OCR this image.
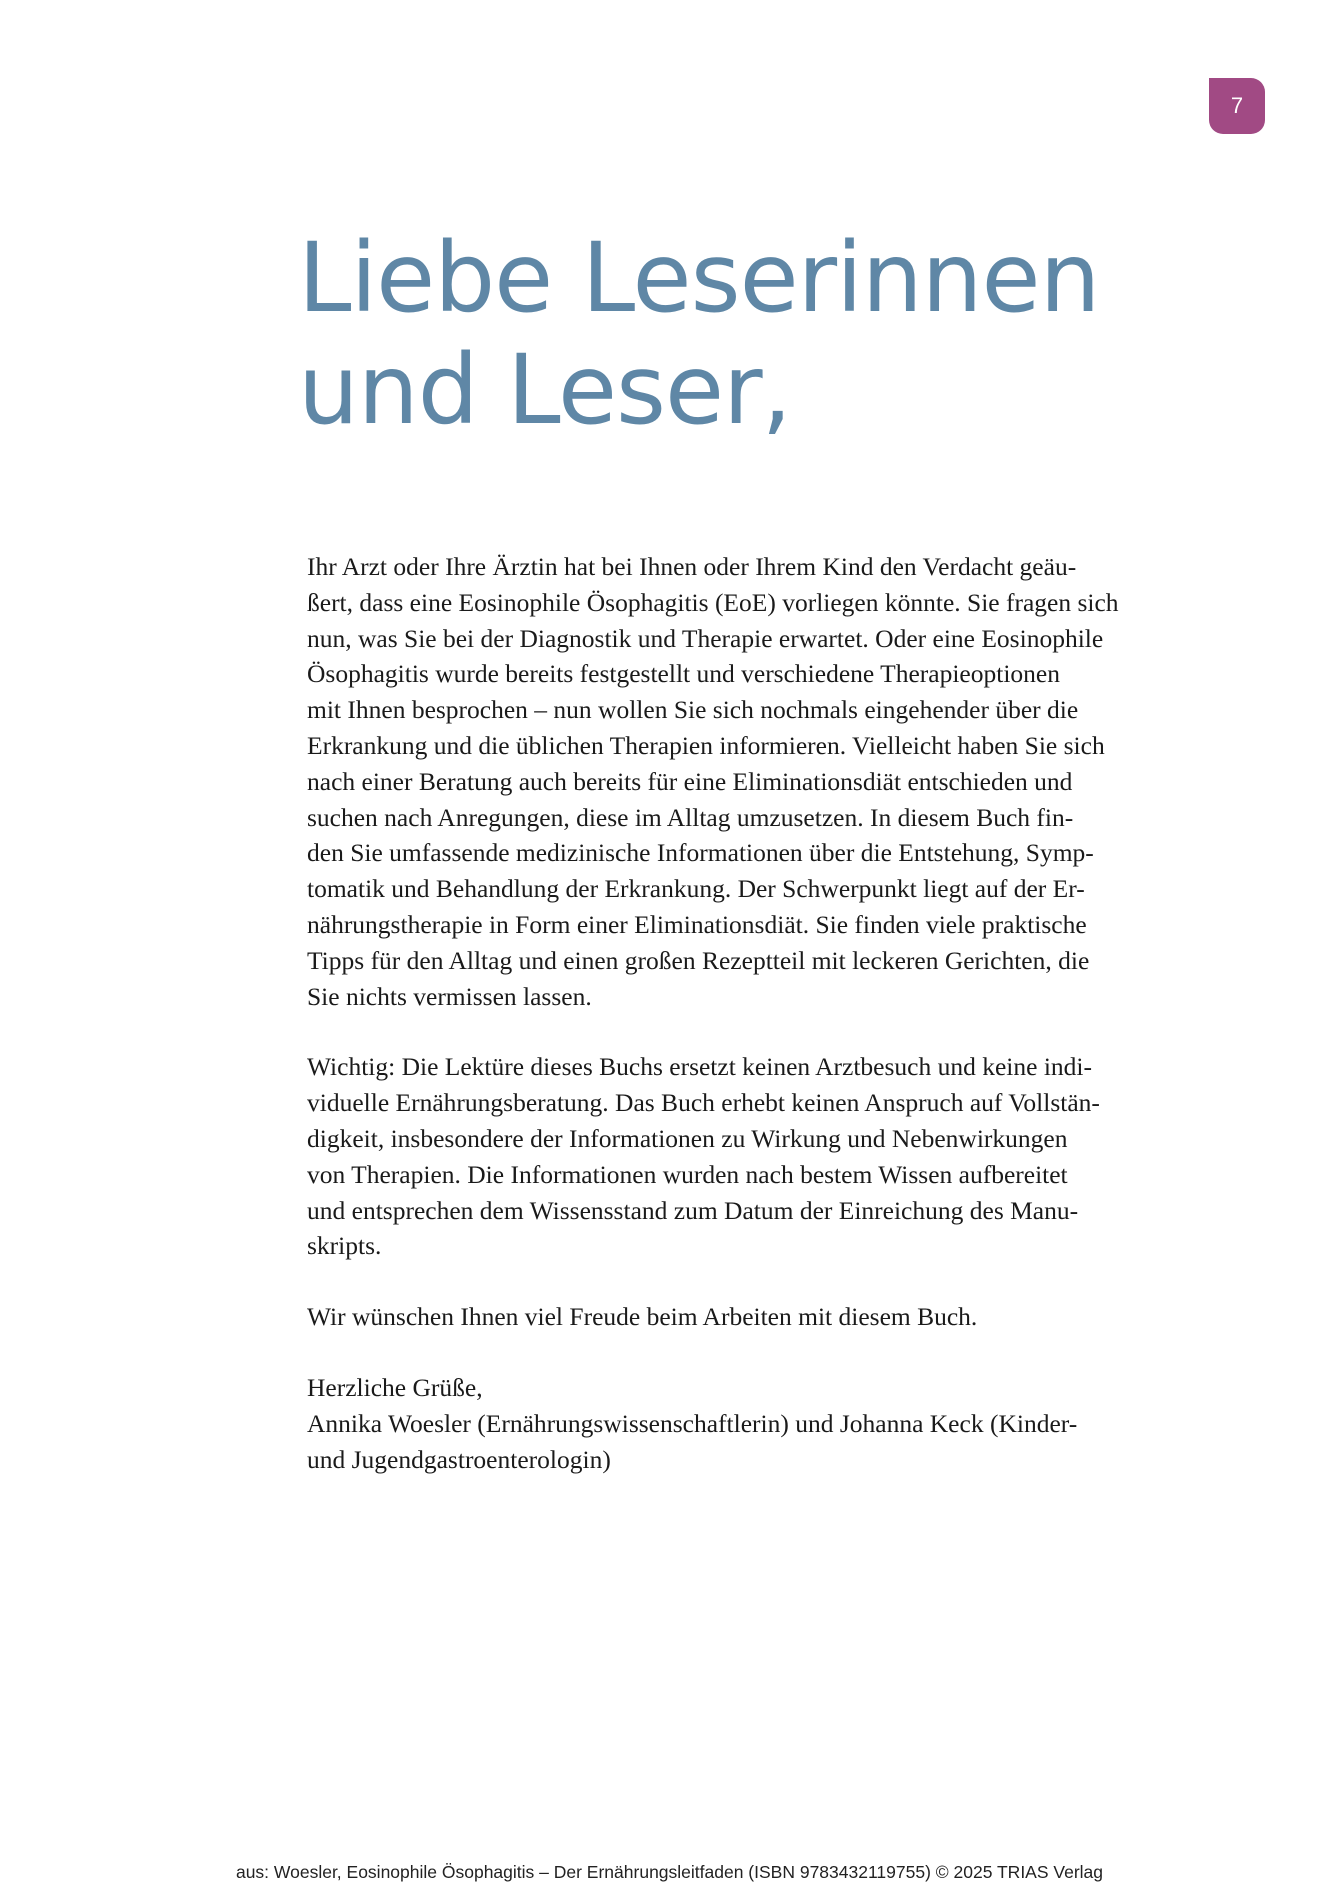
7
Liebe Leserinnen
und Leser,

Ihr Arzt oder Ihre Ärztin hat bei Ihnen oder Ihrem Kind den Verdacht geäu-
ßert, dass eine Eosinophile Ösophagitis (EoE) vorliegen könnte. Sie fragen sich
nun, was Sie bei der Diagnostik und Therapie erwartet. Oder eine Eosinophile
Ösophagitis wurde bereits festgestellt und verschiedene Therapieoptionen
mit Ihnen besprochen – nun wollen Sie sich nochmals eingehender über die
Erkrankung und die üblichen Therapien informieren. Vielleicht haben Sie sich
nach einer Beratung auch bereits für eine Eliminationsdiät entschieden und
suchen nach Anregungen, diese im Alltag umzusetzen. In diesem Buch fin-
den Sie umfassende medizinische Informationen über die Entstehung, Symp-
tomatik und Behandlung der Erkrankung. Der Schwerpunkt liegt auf der Er-
nährungstherapie in Form einer Eliminationsdiät. Sie finden viele praktische
Tipps für den Alltag und einen großen Rezeptteil mit leckeren Gerichten, die
Sie nichts vermissen lassen.

Wichtig: Die Lektüre dieses Buchs ersetzt keinen Arztbesuch und keine indi-
viduelle Ernährungsberatung. Das Buch erhebt keinen Anspruch auf Vollstän-
digkeit, insbesondere der Informationen zu Wirkung und Nebenwirkungen
von Therapien. Die Informationen wurden nach bestem Wissen aufbereitet
und entsprechen dem Wissensstand zum Datum der Einreichung des Manu-
skripts.

Wir wünschen Ihnen viel Freude beim Arbeiten mit diesem Buch.

Herzliche Grüße,
Annika Woesler (Ernährungswissenschaftlerin) und Johanna Keck (Kinder-
und Jugendgastroenterologin)

aus: Woesler, Eosinophile Ösophagitis – Der Ernährungsleitfaden (ISBN 9783432119755) © 2025 TRIAS Verlag
